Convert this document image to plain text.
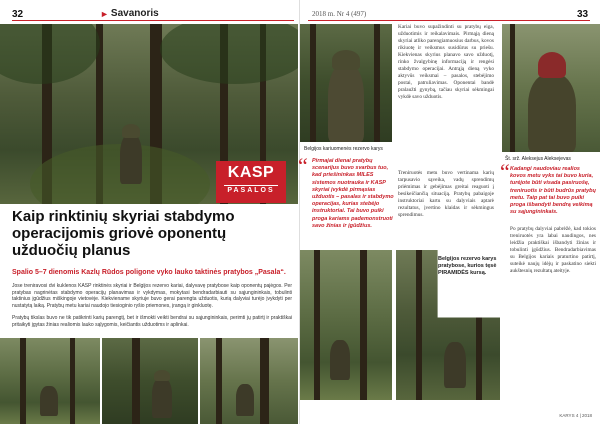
32	► Savanoris
KASP
PASALOS
Kaip rinktinių skyriai stabdymo operacijomis griovė oponentų užduočių planus

Spalio 5–7 dienomis Kazlų Rūdos poligone vyko lauko taktinės pratybos „Pasala“.

Jose treniravosi dvi kuklenos KASP rinktinės skyriai ir Belgijos rezervo kariai, dalyvavę pratybose kaip oponentų pajėgos. Per pratybas nagrinėtas stabdymo operacijų planavimas ir vykdymas, mokytasi bendradarbiauti su sąjungininkais, tobulinti taktinius įgūdžius miškingoje vietovėje. Kiekviename skyriuje buvo gerai parengta užduotis, kurią dalyviai turėjo įvykdyti per nustatytą laiką. Pratybų metu kariai naudojo tiesioginio ryšio priemones, įrangą ir ginkluotę.

Pratybų tikslas buvo ne tik patikrinti karių parengtį, bet ir išmokti veikti bendrai su sąjungininkais, perimti jų patirtį ir praktiškai pritaikyti įgytas žinias realiomis lauko sąlygomis, keičiantis užduotims ir aplinkai.

2018 m. Nr 4 (497)	33
Belgijos kariuomenės rezervo karys
“ Pirmajai dienai pratybų scenarijus buvo svarbus tuo, kad priešininkas MILES sistemos nuotrauka ir KASP skyriai įvykdė pirmąsias užduotis – pasalas ir stabdymo operacijas, kurias stebėjo instruktoriai. Tai buvo puiki proga kariams pademonstruoti savo žinias ir įgūdžius.

Kariai buvo supažindinti su pratybų eiga, užduotimis ir reikalavimais. Pirmąją dieną skyriai atliko parengiamuosius darbus, kovos rikiuotę ir veiksmus susidūrus su priešu. Kiekvienas skyrius planavo savo užduotį, rinko žvalgybinę informaciją ir rengėsi stabdymo operacijai. Antrąją dieną vyko aktyvūs veiksmai – pasalos, stebėjimo postai, patruliavimas. Oponentai bandė pralaužti gynybą, tačiau skyriai sėkmingai vykdė savo užduotis.

Treniruotės metu buvo vertinama karių tarpusavio sąveika, vadų sprendimų priėmimas ir gebėjimas greitai reaguoti į besikeičiančią situaciją. Pratybų pabaigoje instruktoriai kartu su dalyviais aptarė rezultatus, įvertino klaidas ir sėkmingus sprendimus.

Belgijos rezervo karys pratybose, kurios tęsė PIRAMIDĖS kursą.

Št. srž. Aleksejus Aleksejevas
“ Kadangi naudoviau realios kovos metu vyks tai buvo kuria, turėjote būti visada pasiruošę, treniruotis ir būti budrūs pratybų metu. Taip pat tai buvo puiki proga išbandyti bendrą veikimą su sąjungininkais.

Po pratybų dalyviai pabrėžė, kad tokios treniruotės yra labai naudingos, nes leidžia praktiškai išbandyti žinias ir tobulinti įgūdžius. Bendradarbiavimas su Belgijos kariais praturtino patirtį, suteikė naujų idėjų ir paskatino siekti aukštesnių rezultatų ateityje.

KARYS 4 | 2018
